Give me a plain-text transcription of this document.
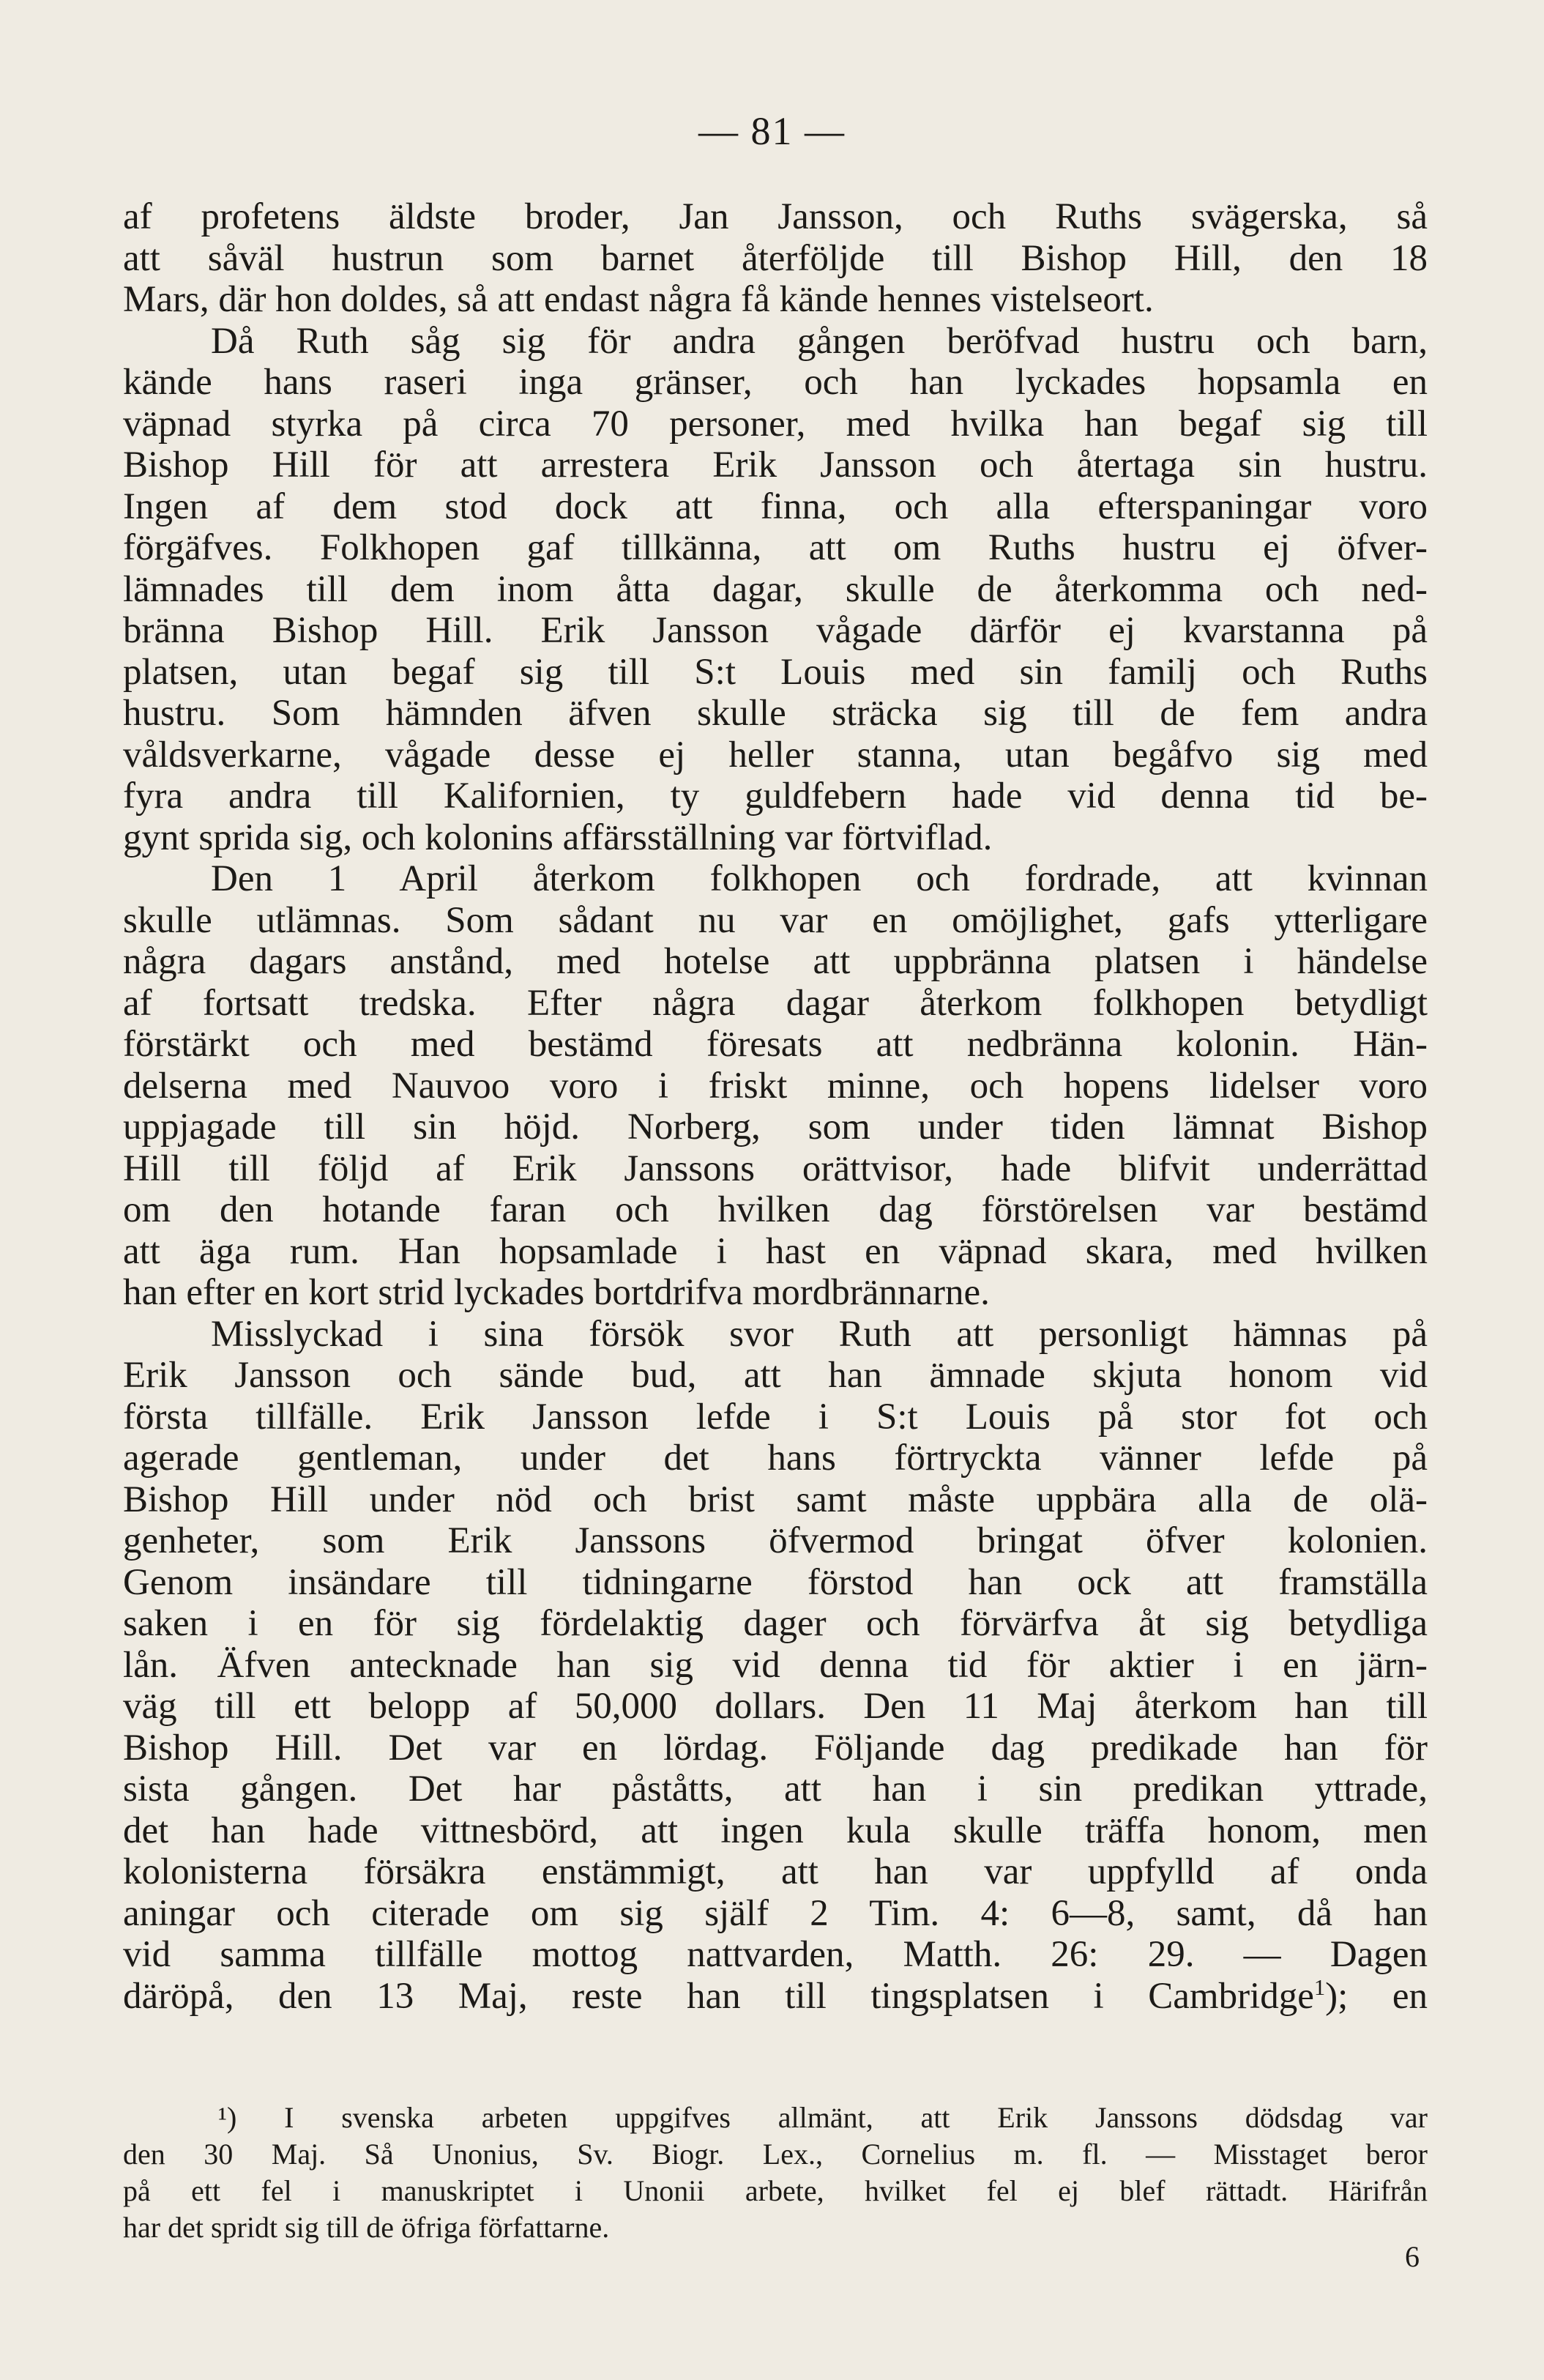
— 81 —
af profetens äldste broder, Jan Jansson, och Ruths svägerska, så
att såväl hustrun som barnet återföljde till Bishop Hill, den 18
Mars, där hon doldes, så att endast några få kände hennes vistelseort.
Då Ruth såg sig för andra gången beröfvad hustru och barn,
kände hans raseri inga gränser, och han lyckades hopsamla en
väpnad styrka på circa 70 personer, med hvilka han begaf sig till
Bishop Hill för att arrestera Erik Jansson och återtaga sin hustru.
Ingen af dem stod dock att finna, och alla efterspaningar voro
förgäfves. Folkhopen gaf tillkänna, att om Ruths hustru ej öfver-
lämnades till dem inom åtta dagar, skulle de återkomma och ned-
bränna Bishop Hill. Erik Jansson vågade därför ej kvarstanna på
platsen, utan begaf sig till S:t Louis med sin familj och Ruths
hustru. Som hämnden äfven skulle sträcka sig till de fem andra
våldsverkarne, vågade desse ej heller stanna, utan begåfvo sig med
fyra andra till Kalifornien, ty guldfebern hade vid denna tid be-
gynt sprida sig, och kolonins affärsställning var förtviflad.
Den 1 April återkom folkhopen och fordrade, att kvinnan
skulle utlämnas. Som sådant nu var en omöjlighet, gafs ytterligare
några dagars anstånd, med hotelse att uppbränna platsen i händelse
af fortsatt tredska. Efter några dagar återkom folkhopen betydligt
förstärkt och med bestämd föresats att nedbränna kolonin. Hän-
delserna med Nauvoo voro i friskt minne, och hopens lidelser voro
uppjagade till sin höjd. Norberg, som under tiden lämnat Bishop
Hill till följd af Erik Janssons orättvisor, hade blifvit underrättad
om den hotande faran och hvilken dag förstörelsen var bestämd
att äga rum. Han hopsamlade i hast en väpnad skara, med hvilken
han efter en kort strid lyckades bortdrifva mordbrännarne.
Misslyckad i sina försök svor Ruth att personligt hämnas på
Erik Jansson och sände bud, att han ämnade skjuta honom vid
första tillfälle. Erik Jansson lefde i S:t Louis på stor fot och
agerade gentleman, under det hans förtryckta vänner lefde på
Bishop Hill under nöd och brist samt måste uppbära alla de olä-
genheter, som Erik Janssons öfvermod bringat öfver kolonien.
Genom insändare till tidningarne förstod han ock att framställa
saken i en för sig fördelaktig dager och förvärfva åt sig betydliga
lån. Äfven antecknade han sig vid denna tid för aktier i en järn-
väg till ett belopp af 50,000 dollars. Den 11 Maj återkom han till
Bishop Hill. Det var en lördag. Följande dag predikade han för
sista gången. Det har påståtts, att han i sin predikan yttrade,
det han hade vittnesbörd, att ingen kula skulle träffa honom, men
kolonisterna försäkra enstämmigt, att han var uppfylld af onda
aningar och citerade om sig själf 2 Tim. 4: 6—8, samt, då han
vid samma tillfälle mottog nattvarden, Matth. 26: 29. — Dagen
däröpå, den 13 Maj, reste han till tingsplatsen i Cambridge$^1$); en
¹) I svenska arbeten uppgifves allmänt, att Erik Janssons dödsdag var
den 30 Maj. Så Unonius, Sv. Biogr. Lex., Cornelius m. fl. — Misstaget beror
på ett fel i manuskriptet i Unonii arbete, hvilket fel ej blef rättadt. Härifrån
har det spridt sig till de öfriga författarne.
6
